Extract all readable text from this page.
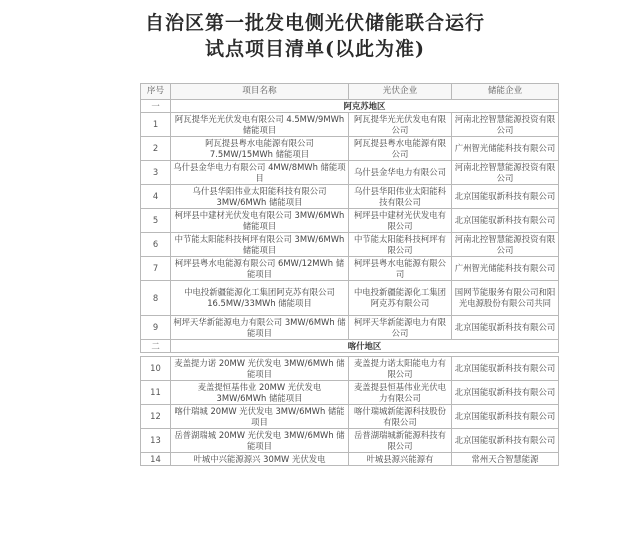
自治区第一批发电侧光伏储能联合运行
试点项目清单(以此为准)
序号	项目名称	光伏企业	储能企业
一	阿克苏地区		
1	阿瓦提华光光伏发电有限公司 4.5MW/9MWh 储能项目	阿瓦提华光光伏发电有限公司	河南北控智慧能源投资有限公司
2	阿瓦提县粤水电能源有限公司 7.5MW/15MWh 储能项目	阿瓦提县粤水电能源有限公司	广州智光储能科技有限公司
3	乌什县金华电力有限公司 4MW/8MWh 储能项目	乌什县金华电力有限公司	河南北控智慧能源投资有限公司
4	乌什县华阳伟业太阳能科技有限公司 3MW/6MWh 储能项目	乌什县华阳伟业太阳能科技有限公司	北京国能驭新科技有限公司
5	柯坪县中建材光伏发电有限公司 3MW/6MWh 储能项目	柯坪县中建材光伏发电有限公司	北京国能驭新科技有限公司
6	中节能太阳能科技柯坪有限公司 3MW/6MWh 储能项目	中节能太阳能科技柯坪有限公司	河南北控智慧能源投资有限公司
7	柯坪县粤水电能源有限公司 6MW/12MWh 储能项目	柯坪县粤水电能源有限公司	广州智光储能科技有限公司
8	中电投新疆能源化工集团阿克苏有限公司 16.5MW/33MWh 储能项目	中电投新疆能源化工集团阿克苏有限公司	国网节能服务有限公司和阳光电源股份有限公司共同
9	柯坪天华新能源电力有限公司 3MW/6MWh 储能项目	柯坪天华新能源电力有限公司	北京国能驭新科技有限公司
二	喀什地区		

10	麦盖提力诺 20MW 光伏发电 3MW/6MWh 储能项目	麦盖提力诺太阳能电力有限公司	北京国能驭新科技有限公司
11	麦盖提恒基伟业 20MW 光伏发电 3MW/6MWh 储能项目	麦盖提县恒基伟业光伏电力有限公司	北京国能驭新科技有限公司
12	喀什瑞城 20MW 光伏发电 3MW/6MWh 储能项目	喀什瑞城新能源科技股份有限公司	北京国能驭新科技有限公司
13	岳普湖瑞城 20MW 光伏发电 3MW/6MWh 储能项目	岳普湖瑞城新能源科技有限公司	北京国能驭新科技有限公司
14	叶城中兴能源源兴 30MW 光伏发电	叶城县源兴能源有	常州天合智慧能源
